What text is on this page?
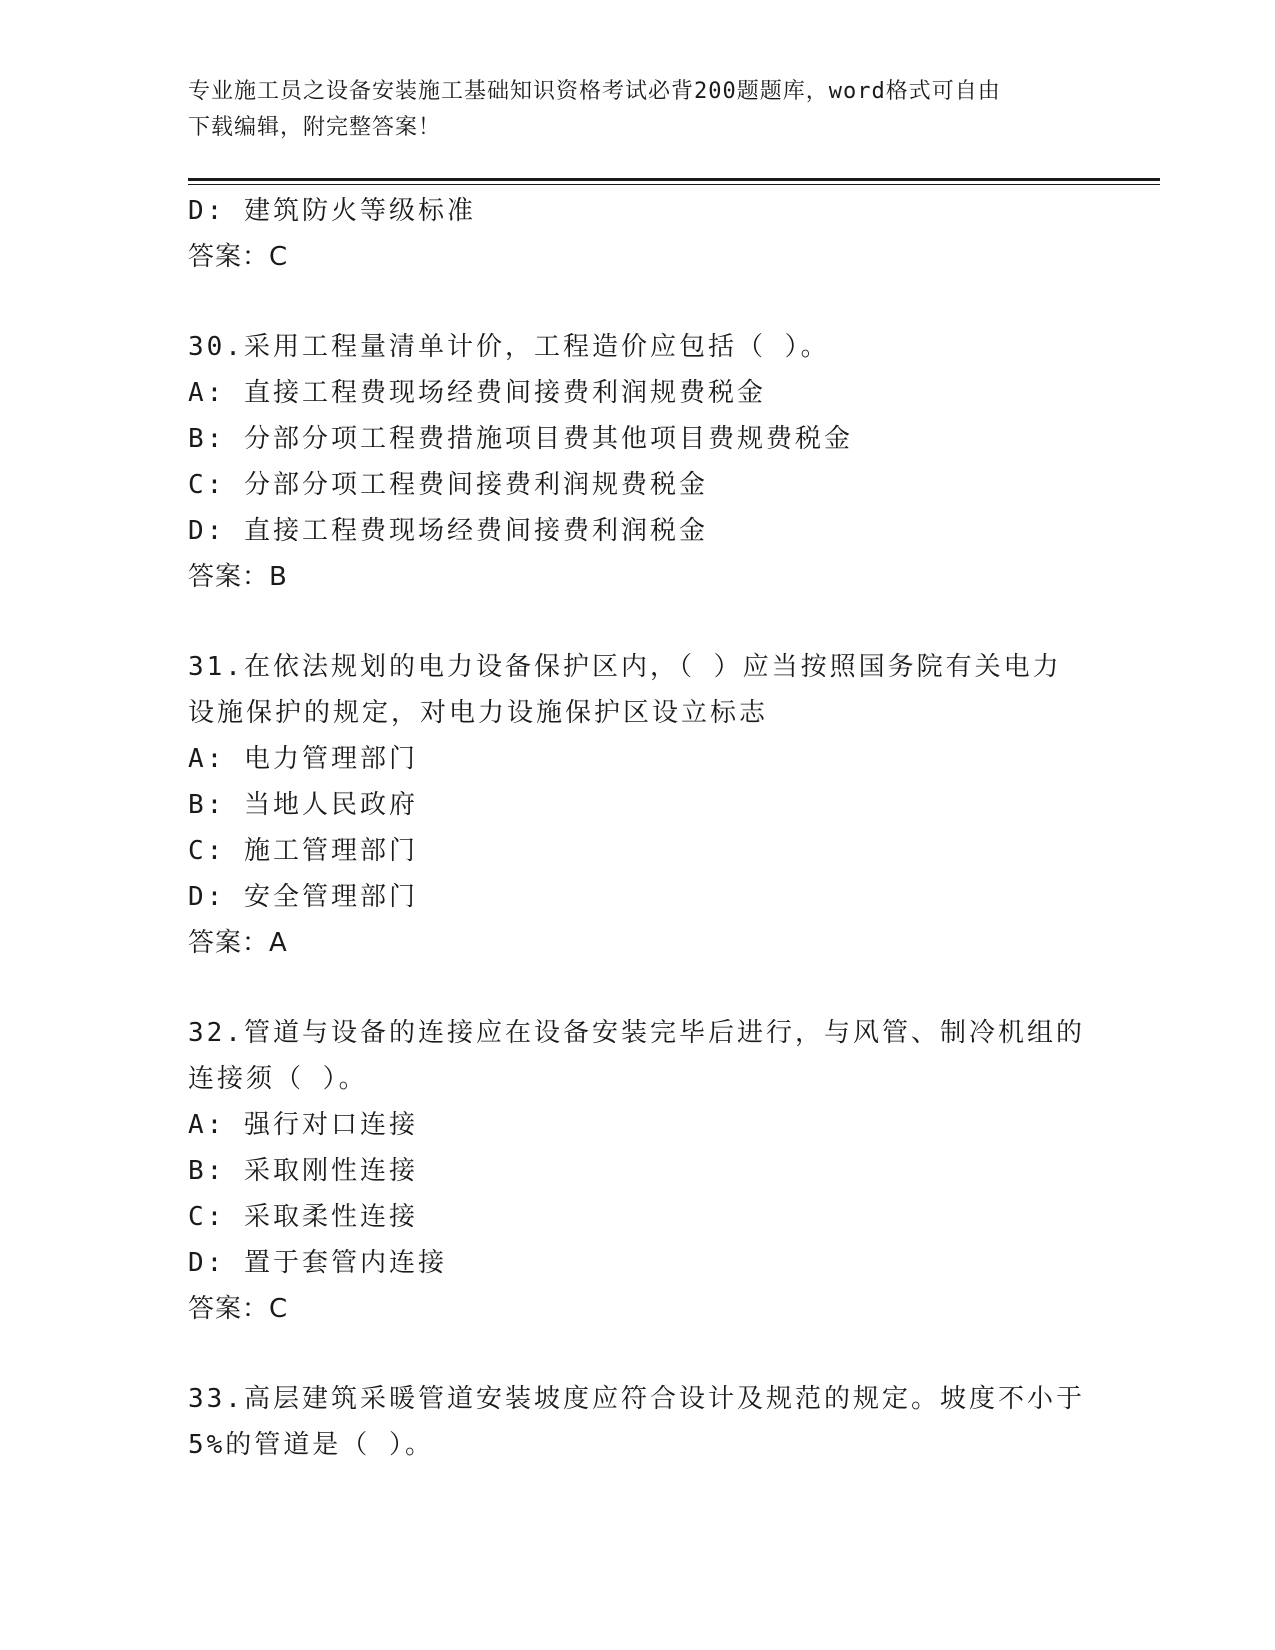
专业施工员之设备安装施工基础知识资格考试必背200题题库，word格式可自由
下载编辑，附完整答案！
D: 建筑防火等级标准
答案：C
30.采用工程量清单计价，工程造价应包括（ ）。
A: 直接工程费现场经费间接费利润规费税金
B: 分部分项工程费措施项目费其他项目费规费税金
C: 分部分项工程费间接费利润规费税金
D: 直接工程费现场经费间接费利润税金
答案：B
31.在依法规划的电力设备保护区内，（ ）应当按照国务院有关电力
设施保护的规定，对电力设施保护区设立标志
A: 电力管理部门
B: 当地人民政府
C: 施工管理部门
D: 安全管理部门
答案：A
32.管道与设备的连接应在设备安装完毕后进行，与风管、制冷机组的
连接须（ ）。
A: 强行对口连接
B: 采取刚性连接
C: 采取柔性连接
D: 置于套管内连接
答案：C
33.高层建筑采暖管道安装坡度应符合设计及规范的规定。坡度不小于
5%的管道是（ ）。
